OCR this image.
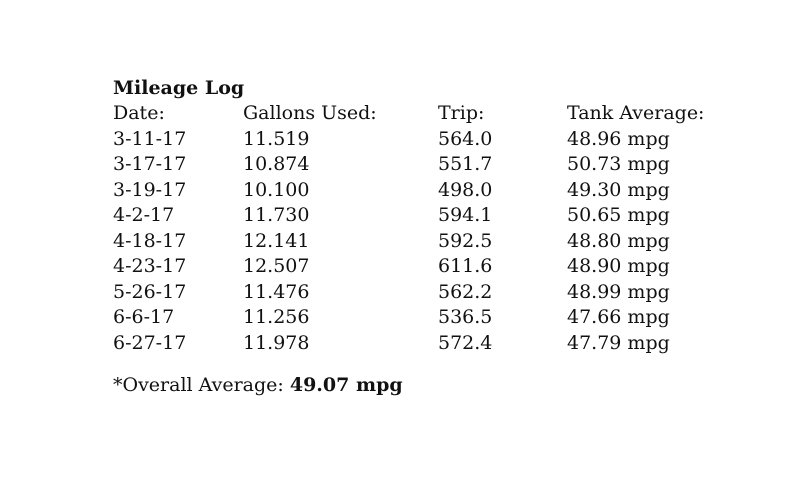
Mileage Log
Date:	Gallons Used:	Trip:	Tank Average:
3-11-17	11.519	564.0	48.96 mpg
3-17-17	10.874	551.7	50.73 mpg
3-19-17	10.100	498.0	49.30 mpg
4-2-17	11.730	594.1	50.65 mpg
4-18-17	12.141	592.5	48.80 mpg
4-23-17	12.507	611.6	48.90 mpg
5-26-17	11.476	562.2	48.99 mpg
6-6-17	11.256	536.5	47.66 mpg
6-27-17	11.978	572.4	47.79 mpg
*Overall Average: 49.07 mpg
